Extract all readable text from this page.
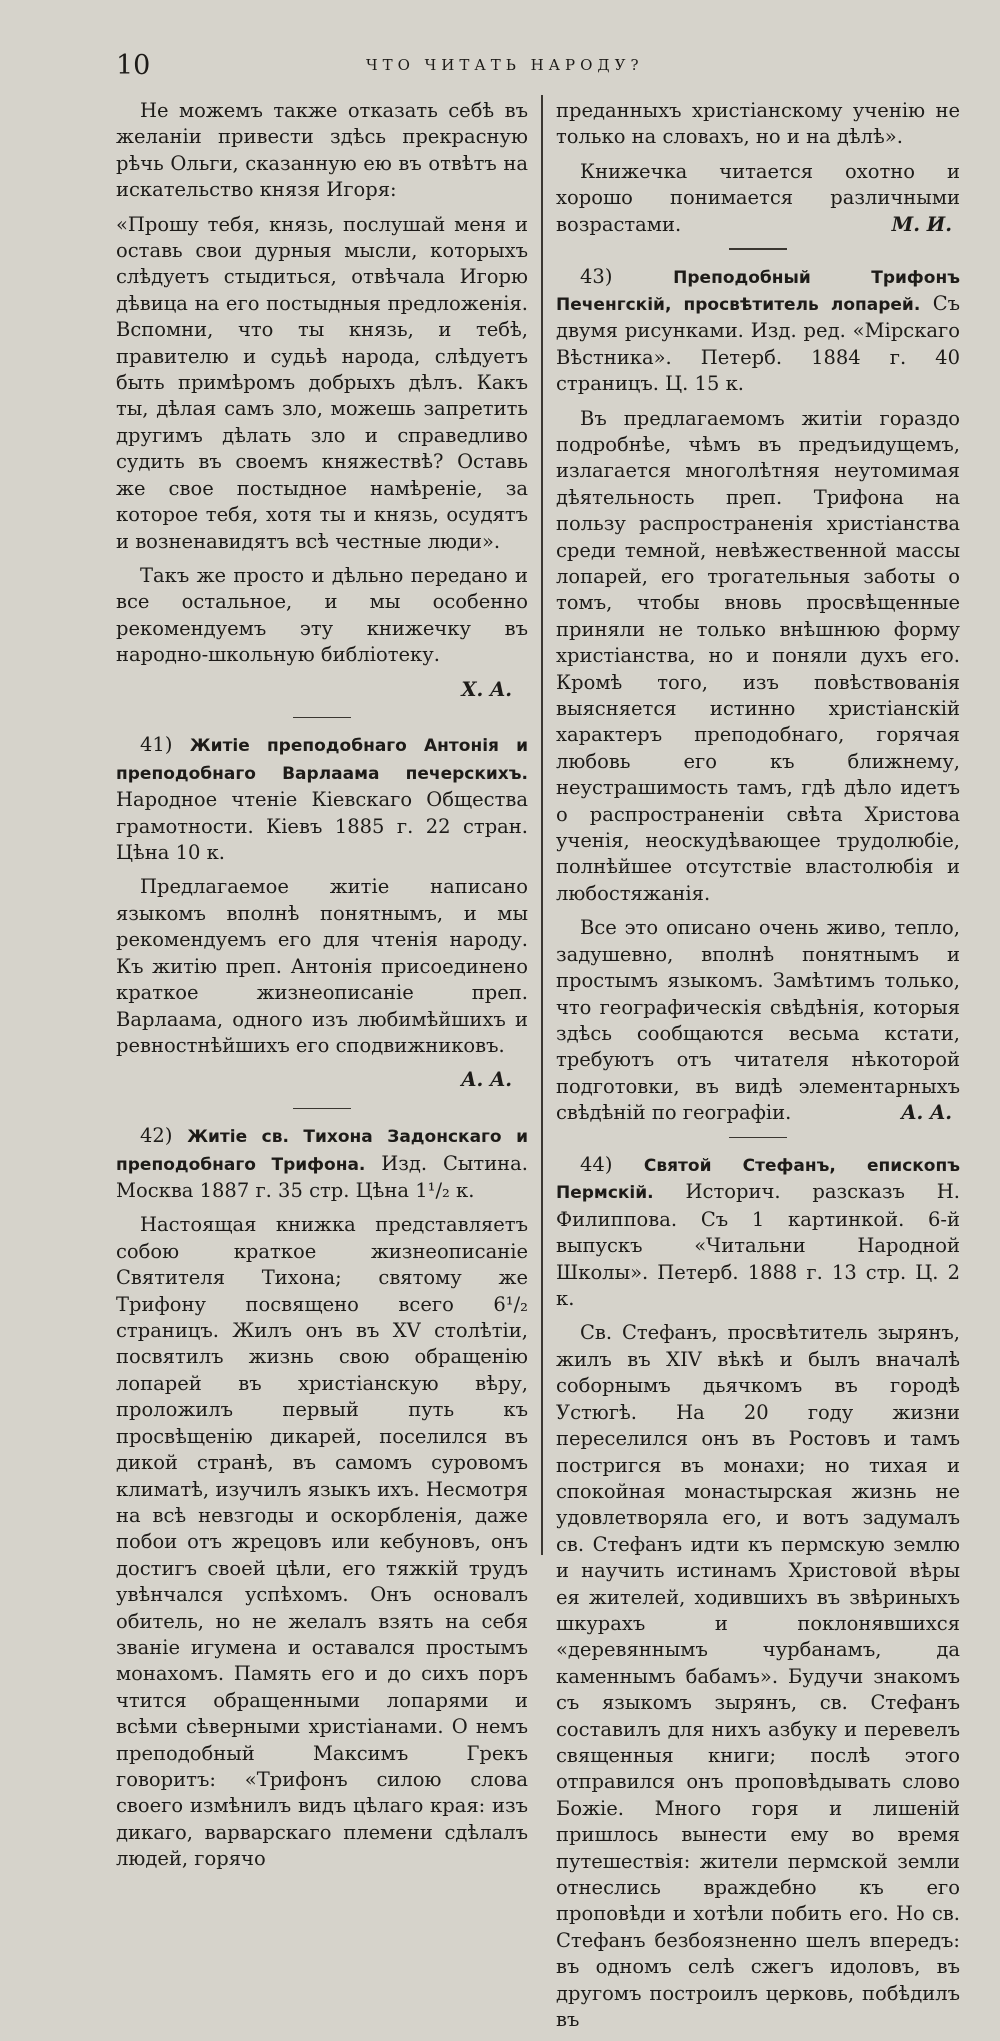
10	ЧТО ЧИТАТЬ НАРОДУ?

Не можемъ также отказать себѣ въ желаніи привести здѣсь прекрасную рѣчь Ольги, сказанную ею въ отвѣтъ на искательство князя Игоря:

«Прошу тебя, князь, послушай меня и оставь свои дурныя мысли, которыхъ слѣдуетъ стыдиться, отвѣчала Игорю дѣвица на его постыдныя предложенія. Вспомни, что ты князь, и тебѣ, правителю и судьѣ народа, слѣдуетъ быть примѣромъ добрыхъ дѣлъ. Какъ ты, дѣлая самъ зло, можешь запретить другимъ дѣлать зло и справедливо судить въ своемъ княжествѣ? Оставь же свое постыдное намѣреніе, за которое тебя, хотя ты и князь, осудятъ и возненавидятъ всѣ честные люди».

Такъ же просто и дѣльно передано и все остальное, и мы особенно рекомендуемъ эту книжечку въ народно-школьную библіотеку.

X. A.

41) Житіе преподобнаго Антонія и преподобнаго Варлаама печерскихъ. Народное чтеніе Кіевскаго Общества грамотности. Кіевъ 1885 г. 22 стран. Цѣна 10 к.

Предлагаемое житіе написано языкомъ вполнѣ понятнымъ, и мы рекомендуемъ его для чтенія народу. Къ житію преп. Антонія присоединено краткое жизнеописаніе преп. Варлаама, одного изъ любимѣйшихъ и ревностнѣйшихъ его сподвижниковъ.

A. A.

42) Житіе св. Тихона Задонскаго и преподобнаго Трифона. Изд. Сытина. Москва 1887 г. 35 стр. Цѣна 1¹/₂ к.

Настоящая книжка представляетъ собою краткое жизнеописаніе Святителя Тихона; святому же Трифону посвящено всего 6¹/₂ страницъ. Жилъ онъ въ XV столѣтіи, посвятилъ жизнь свою обращенію лопарей въ христіанскую вѣру, проложилъ первый путь къ просвѣщенію дикарей, поселился въ дикой странѣ, въ самомъ суровомъ климатѣ, изучилъ языкъ ихъ. Несмотря на всѣ невзгоды и оскорбленія, даже побои отъ жрецовъ или кебуновъ, онъ достигъ своей цѣли, его тяжкій трудъ увѣнчался успѣхомъ. Онъ основалъ обитель, но не желалъ взять на себя званіе игумена и оставался простымъ монахомъ. Память его и до сихъ поръ чтится обращенными лопарями и всѣми сѣверными христіанами. О немъ преподобный Максимъ Грекъ говоритъ: «Трифонъ силою слова своего измѣнилъ видъ цѣлаго края: изъ дикаго, варварскаго племени сдѣлалъ людей, горячо

преданныхъ христіанскому ученію не только на словахъ, но и на дѣлѣ».

Книжечка читается охотно и хорошо понимается различными возрастами.	М. И.

43)	Преподобный Трифонъ Печенгскій, просвѣтитель лопарей. Съ двумя рисунками. Изд. ред. «Мірскаго Вѣстника». Петерб. 1884 г. 40 страницъ. Ц. 15 к.

Въ предлагаемомъ житіи гораздо подробнѣе, чѣмъ въ предъидущемъ, излагается многолѣтняя неутомимая дѣятельность преп. Трифона на пользу распространенія христіанства среди темной, невѣжественной массы лопарей, его трогательныя заботы о томъ, чтобы вновь просвѣщенные приняли не только внѣшнюю форму христіанства, но и поняли духъ его. Кромѣ того, изъ повѣствованія выясняется истинно христіанскій характеръ преподобнаго, горячая любовь его къ ближнему, неустрашимость тамъ, гдѣ дѣло идетъ о распространеніи свѣта Христова ученія, неоскудѣвающее трудолюбіе, полнѣйшее отсутствіе властолюбія и любостяжанія.

Все это описано очень живо, тепло, задушевно, вполнѣ понятнымъ и простымъ языкомъ. Замѣтимъ только, что географическія свѣдѣнія, которыя здѣсь сообщаются весьма кстати, требуютъ отъ читателя нѣкоторой подготовки, въ видѣ элементарныхъ свѣдѣній по географіи.	A. A.

44) Святой Стефанъ, епископъ Пермскій. Историч. разсказъ Н. Филиппова. Съ 1 картинкой. 6-й выпускъ «Читальни Народной Школы». Петерб. 1888 г. 13 стр. Ц. 2 к.

Св. Стефанъ, просвѣтитель зырянъ, жилъ въ XIV вѣкѣ и былъ вначалѣ соборнымъ дьячкомъ въ городѣ Устюгѣ. На 20 году жизни переселился онъ въ Ростовъ и тамъ постригся въ монахи; но тихая и спокойная монастырская жизнь не удовлетворяла его, и вотъ задумалъ св. Стефанъ идти къ пермскую землю и научить истинамъ Христовой вѣры ея жителей, ходившихъ въ звѣриныхъ шкурахъ и поклонявшихся «деревяннымъ чурбанамъ, да каменнымъ бабамъ». Будучи знакомъ съ языкомъ зырянъ, св. Стефанъ составилъ для нихъ азбуку и перевелъ священныя книги; послѣ этого отправился онъ проповѣдывать слово Божіе. Много горя и лишеній пришлось вынести ему во время путешествія: жители пермской земли отнеслись враждебно къ его проповѣди и хотѣли побить его. Но св. Стефанъ безбоязненно шелъ впередъ: въ одномъ селѣ сжегъ идоловъ, въ другомъ построилъ церковь, побѣдилъ въ
